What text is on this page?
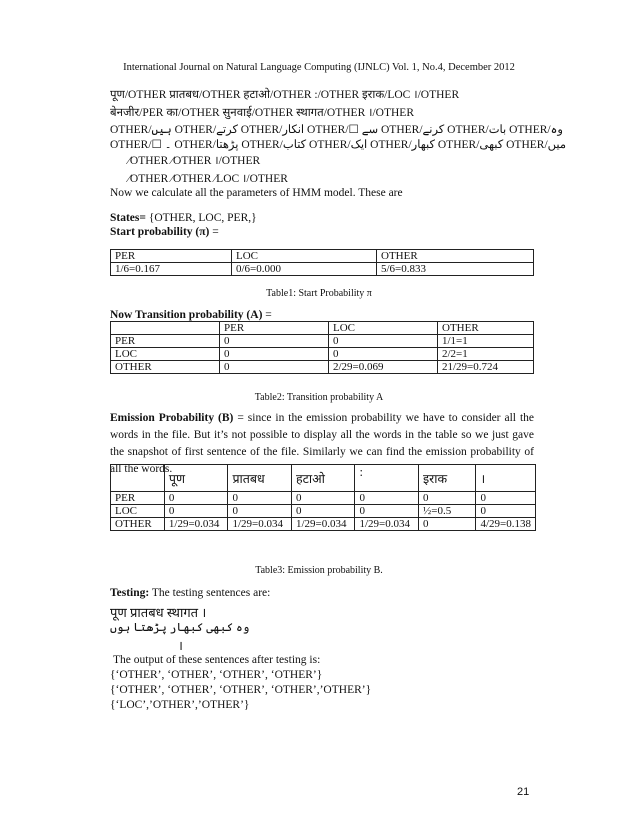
International Journal on Natural Language Computing (IJNLC) Vol. 1, No.4, December 2012
पूण/OTHER प्रातबध/OTHER हटाओ/OTHER :/OTHER इराक/LOC ।/OTHER
बेनजीर/PER का/OTHER सुनवाई/OTHER स्थागत/OTHER ।/OTHER
OTHER/ہیں OTHER/کرتے OTHER/انکار OTHER/☐ سے OTHER/کرنے OTHER/بات OTHER/وہ
OTHER/☐ ۔ OTHER/پڑھتا OTHER/کتاب OTHER/ایک OTHER/کبھار OTHER/کبھی OTHER/میں
⁄OTHER ⁄OTHER ।/OTHER
⁄OTHER ⁄OTHER ⁄LOC ।/OTHER
Now we calculate all the parameters of HMM model. These are
States= {OTHER, LOC, PER,}
Start probability (π) =
PER	LOC	OTHER
1/6=0.167	0/6=0.000	5/6=0.833
Table1: Start Probability π
Now Transition probability (A) =
	PER	LOC	OTHER
PER	0	0	1/1=1
LOC	0	0	2/2=1
OTHER	0	2/29=0.069	21/29=0.724
Table2: Transition probability A
Emission Probability (B) = since in the emission probability we have to consider all the words in the file. But it’s not possible to display all the words in the table so we just gave the snapshot of first sentence of the file. Similarly we can find the emission probability of all the words.
	पूण	प्रातबध	हटाओ	:	इराक	।
PER	0	0	0	0	0	0
LOC	0	0	0	0	½=0.5	0
OTHER	1/29=0.034	1/29=0.034	1/29=0.034	1/29=0.034	0	4/29=0.138
Table3: Emission probability B.
Testing: The testing sentences are:
पूण प्रातबध स्थागत ।
وہ کبھی کبھار پڑھتا ہوں
।
The output of these sentences after testing is:
{‘OTHER’, ‘OTHER’, ‘OTHER’, ‘OTHER’}
{‘OTHER’, ‘OTHER’, ‘OTHER’, ‘OTHER’,’OTHER’}
{‘LOC’,’OTHER’,’OTHER’}
21
